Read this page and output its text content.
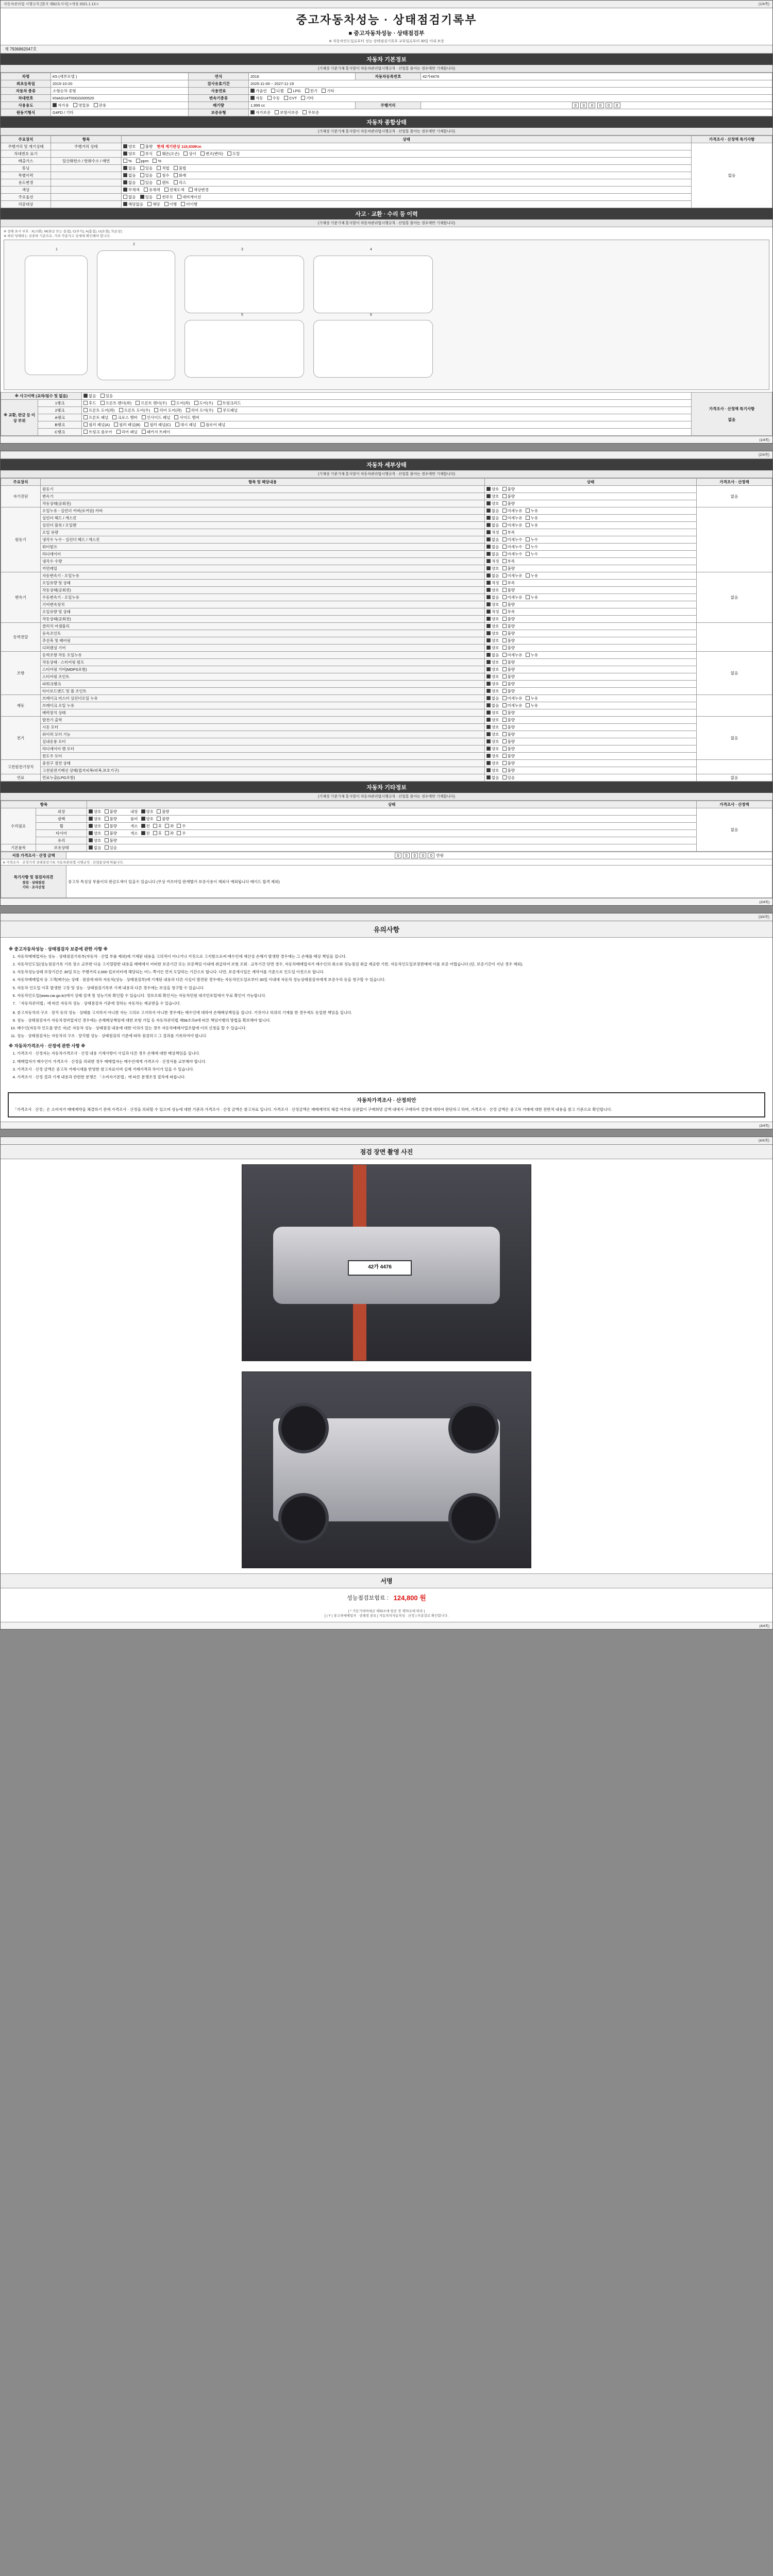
자동차관리법 시행규칙 [별지 제82호서식] <개정 2021.1.13.>	(1/4쪽)
중고자동차성능 · 상태점검기록부
■ 중고자동차성능 · 상태점검부
※ 자동차인도일로부터 성능·상태점검기록부 교부일로부터 30일 이내 보증
제 7936862047호
자동차 기본정보
(기재상 기준기재 통사항이 자동차관리법시행규칙 · 산업통 몰아는 경우에만 기재합니다)
차명	K5 (세부모델 )	연식	2016	자동차등록번호	42가4476
최초등록일	2015-10-20	검사유효기간	2025-11-00 ~ 2027-11-19		
자동차 종류	소형승차 중형	사용연료	가솔린 디젤 LPG 전기 기타		
차대번호	KNAGU4T00GG000520	변속기종류	자동 수동 CVT 기타		
사용용도	자가용 영업용 관용	배기량	1,999 cc	주행거리	0 0 0 0 0 0
원동기형식	G4FD / 기타	보증유형	자가보증 보험사보증 무보증		
자동차 종합상태
(기재상 기준기재 통사항이 자동차관리법시행규칙 · 산업통 몰아는 경우에만 기재합니다)
주요장치	항목	상태	가격조사 · 산정액 특기사항
주행거리 및 계기상태	주행거리 상태	양호 불량 현재 계기판상 118,939Km	없음
차대번호 표기		양호 부식 훼손(오손) 상이 변조(변타) 도말	
배출가스	일산화탄소 / 탄화수소 / 매연	% ppm %	
튜닝		없음 있음 적법 불법	
특별이력		없음 있음 침수 화재	
용도변경		없음 있음 렌트 리스	
색상		무채색 유채색 전체도색 색상변경	
주요옵션		없음 있음 썬루프 네비게이션	
리콜대상		해당없음 해당 이행 미이행	
사고 · 교환 · 수리 등 이력
(기재상 기준기재 통사항이 자동차관리법시행규칙 · 산업통 몰아는 경우에만 기재합니다)
※ 상태 표시 부호 : X(교환), W(판금 또는 용접), C(부식), A(흠집), U(요철), T(손상)
※ 하단 당해하는 상중하 기준으로, 기타 각종사고 상세에 확인해야 합니다.
1
2
3	4
5	6
※ 사고이력 (교차/침수 및 없음)		없음 있음	가격조사 · 산정액 특기사항
없음

※ 교환, 판금 등 이상 부위	1랭크	후드 프론트 펜더(좌) 프론트 펜더(우) 도어(좌) 도어(우) 트렁크리드	
	2랭크	프론트 도어(좌) 프론트 도어(우) 리어 도어(좌) 리어 도어(우) 루프패널	
	A랭크	프론트 패널 크로스 멤버 인사이드 패널 사이드 멤버	
	B랭크	필러 패널(A) 필러 패널(B) 필러 패널(C) 대시 패널 플로어 패널	
	C랭크	트렁크 플로어 리어 패널 패키지 트레이	
(1/4쪽)
(2/4쪽)
자동차 세부상태
(기재상 기준기재 통사항이 자동차관리법시행규칙 · 산업통 몰아는 경우에만 기재합니다)
주요장치	항목 및 해당내용	상태	가격조사 · 산정액
자기진단	원동기	양호 불량	없음
	변속기	양호 불량	
	작동상태(공회전)	양호 불량	
원동기	오일누유 - 실린더 커버(로커암) 카바	없음 미세누유 누유	
	실린더 헤드 / 개스킷	없음 미세누유 누유	
	실린더 블록 / 오일팬	없음 미세누유 누유	
	오일 유량	적정 부족	
	냉각수 누수 - 실린더 헤드 / 개스킷	없음 미세누수 누수	
	워터펌프	없음 미세누수 누수	
	라디에이터	없음 미세누수 누수	
	냉각수 수량	적정 부족	
	커먼레일	양호 불량	
변속기	자동변속기 - 오일누유	없음 미세누유 누유	없음
	오일유량 및 상태	적정 부족	
	작동상태(공회전)	양호 불량	
	수동변속기 - 오일누유	없음 미세누유 누유	
	기어변속장치	양호 불량	
	오일유량 및 상태	적정 부족	
	작동상태(공회전)	양호 불량	
동력전달	클러치 어셈블리	양호 불량	
	등속조인트	양호 불량	
	추진축 및 베어링	양호 불량	
	디퍼렌셜 기어	양호 불량	
조향	동력조향 작동 오일누유	없음 미세누유 누유	없음
	작동상태 - 스티어링 펌프	양호 불량	
	스티어링 기어(MDPS포함)	양호 불량	
	스티어링 조인트	양호 불량	
	파워크랭크	양호 불량	
	타이로드엔드 및 볼 조인트	양호 불량	
제동	브레이크 마스터 실린더오일 누유	없음 미세누유 누유	
	브레이크 오일 누유	없음 미세누유 누유	
	배력장치 상태	양호 불량	
전기	발전기 출력	양호 불량	없음
	시동 모터	양호 불량	
	와이퍼 모터 기능	양호 불량	
	실내송풍 모터	양호 불량	
	라디에이터 팬 모터	양호 불량	
	윈도우 모터	양호 불량	
고전원전기장치	충전구 절연 상태	양호 불량	
	고전원전기배선 상태(접지피복/피복,보호기구)	양호 불량	
연료	연료누출(LPG포함)	없음 있음	없음
자동차 기타정보
(기재상 기준기재 통사항이 자동차관리법시행규칙 · 산업통 몰아는 경우에만 기재합니다)
항목		상태	가격조사 · 산정액
수리필요	외장	양호 불량 내장양호 불량	없음
	광택	양호 불량 룸비양호 불량	
	휠	양호 불량 개소전 후 좌 우	
	타이어	양호 불량 개소전 후 좌 우	
	유리	양호 불량	
기본품목	보유상태	없음 있음	
서류 가격조사 · 산정 금액	0 0 0 0 0 만원
※ 가격조사 · 산정가격 상태점검기록 자동차관리법 시행규칙 · 산업통상에 따릅니다.	

특기사항 및 점검자의견
점검 · 상태점검
기타 · 조사산정	중고차 특성상 부품이의 판금도색이 있을수 있습니다 (무상 커브마일 판계별가 보증사용이 제외사 예외됩니다 메이드 합격 제외)
(2/4쪽)
(3/4쪽)
유의사항
※ 중고자동차성능 · 상태점검자 보증에 관한 사항 ※
1. 자동차매매업자는 성능 · 상태점검기록부(자동차 · 산업 부품 제외)에 기재된 내용을 고의적이 아니거나 거짓으로 고지함으로써 매수인에 재산상 손해가 발생한 경우에는 그 손해를 배상 책임을 집니다.
2. 자동차인도일(성능점검기록 기록 장소 교부한 다음 고지열람한 내용을 매매에서 어떠한 보증기간 또는 보증책임 이내에 취급하여 보험 조회 · 교부기간 단면 경우, 자동차매매업자가 매수인의 취소와 성능점검 취급 제공한 기한, 자동차인도일보장판매에 이를 보증 어렵습니다 (단, 보증기간이 지난 경우 제외).
3. 자동차성능상태 보장기간은 30일 또는 주행거리 2,000 킬로미터에 해당되는 어느 쪽이든 먼저 도달하는 기간으로 합니다. 다만, 보증개시일은 계약서를 기준으로 인도일 이전으로 합니다.
4. 자동차매매업자 등 고객(매수)는 상태 · 점검에 따라 자동차(성능 · 상태점검부)에 기재된 내용과 다른 사실이 발견된 경우에는 자동차인도일로부터 30일 이내에 자동차 성능상태점검자에게 보증수리 등을 청구할 수 있습니다.
5. 자동차 인도일 이후 발생한 고장 및 성능 · 상태점검기록부 기재 내용과 다른 경우에는 보상을 청구할 수 있습니다.
6. 자동차인도일(www.car.go.kr)에서 상태 검색 및 성능기록 확인할 수 있습니다. 정보조회 확인서는 자동차민원 대국민포털에서 무료 확인이 가능합니다.
7. 「자동차관리법」에 따른 자동차 성능 · 상태점검자 기준에 정하는 자동차는 제공받을 수 있습니다.
8. 중고자동차의 구조 · 장치 등의 성능 · 상태를 고지하지 아니한 자는 고의로 고지하지 아니한 경우에는 매수인에 대하여 손해배상책임을 집니다. 거짓이나 허위의 기재를 한 경우에도 동일한 책임을 집니다.
9. 성능 · 상태점검자가 자동차정비업자인 경우에는 손해배상책임에 대한 보험 가입 등 자동차관리법 제58조의4에 따른 책임이행의 방법을 확보해야 합니다.
10. 매수인(자동차 인도를 받은 자)은 자동차 성능 · 상태점검 내용에 대한 이의가 있는 경우 자동차매매사업조합에 이의 신청을 할 수 있습니다.
11. 성능 · 상태점검자는 자동차의 구조 · 장치별 성능 · 상태점검의 기준에 따라 점검하고 그 결과를 기록하여야 합니다.
※ 자동차가격조사 · 산정에 관한 사항 ※
1. 가격조사 · 산정자는 자동차가격조사 · 산정 내용 기재사항이 사실과 다른 경우 손해에 대한 배상책임을 집니다.
2. 매매업자가 매수인이 가격조사 · 산정을 의뢰한 경우 매매업자는 매수인에게 가격조사 · 산정서를 교부해야 합니다.
3. 가격조사 · 산정 금액은 중고차 거래시세를 반영한 참고자료이며 실제 거래가격과 차이가 있을 수 있습니다.
4. 가격조사 · 산정 결과 기재 내용과 관련한 분쟁은 「소비자기본법」에 따른 분쟁조정 절차에 따릅니다.
자동차가격조사 · 산정의안
「가격조사 · 산정」은 소비자가 매매계약을 체결하기 전에 가격조사 · 산정을 의뢰할 수 있으며 성능에 대한 기준과 가격조사 · 산정 금액은 참고자료 입니다. 가격조사 · 산정금액은 매매계약의 체결 여부와 상관없이 구매희망 금액 내에서 구매하여 결정에 대하여 판단하고 하며, 가격조사 · 산정 금액은 중고차 거래에 대한 전반적 내용을 참고 기준으로 확인합니다.
(3/4쪽)
(4/4쪽)
점검 장면 촬영 사진
42가 4476
서명
성능점검보험료 : 124,800 원
[ * 가등기대여대금 세50조에 항공 정 제70조에 따라 ]
[ ( Y ) 중고차매매업자 · 상태점 중요 [ 자동차의자동차성 · 산정 ) 부분감로 확인합니다.
(4/4쪽)
